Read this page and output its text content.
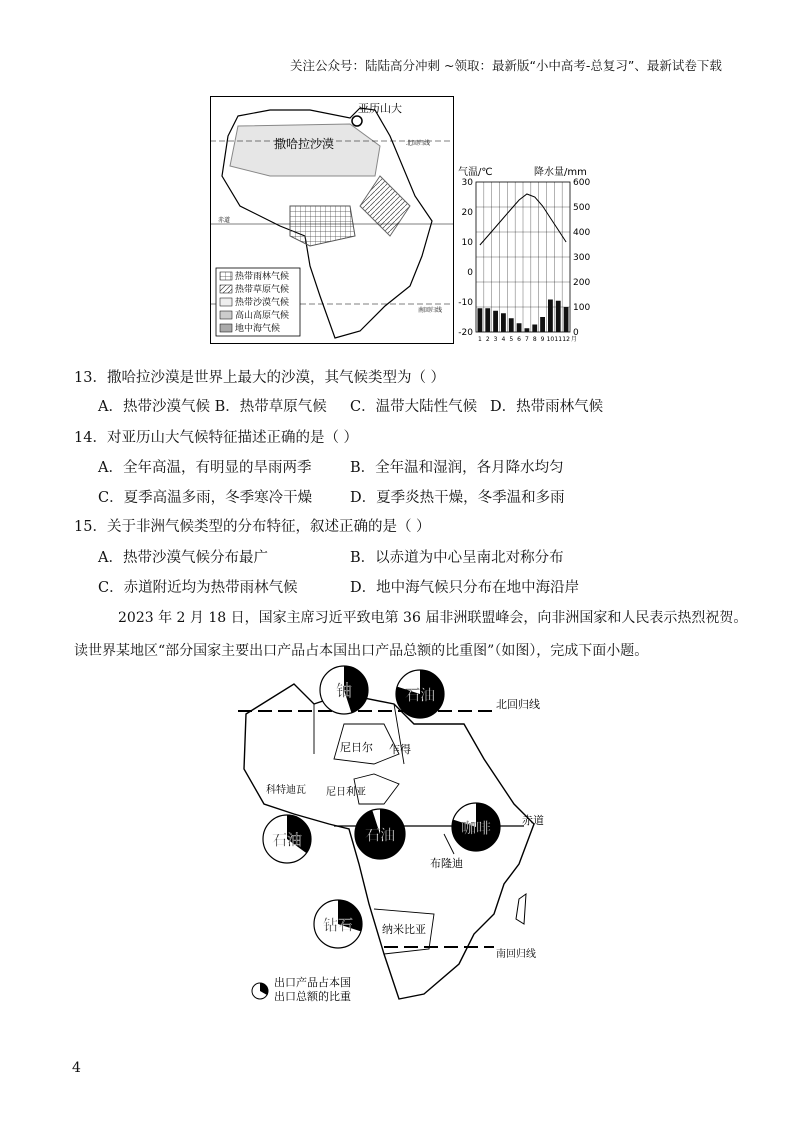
关注公众号：陆陆高分冲刺 ~领取：最新版“小中高考-总复习”、最新试卷下载
亚历山大
撒哈拉沙漠	北回归线
赤道
南回归线
热带雨林气候
热带草原气候
热带沙漠气候
高山高原气候
地中海气候
气温/℃	降水量/mm
30
20
10
0
-10
-20
600
500
400
300
200
100
0
1 2 3 4 5 6 7 8 9 10 11 12 月
13．撒哈拉沙漠是世界上最大的沙漠，其气候类型为（ ）
A．热带沙漠气候 B．热带草原气候 C．温带大陆性气候 D．热带雨林气候
14．对亚历山大气候特征描述正确的是（ ）
A．全年高温，有明显的旱雨两季	B．全年温和湿润，各月降水均匀
C．夏季高温多雨，冬季寒冷干燥	D．夏季炎热干燥，冬季温和多雨
15．关于非洲气候类型的分布特征，叙述正确的是（ ）
A．热带沙漠气候分布最广	B．以赤道为中心呈南北对称分布
C．赤道附近均为热带雨林气候	D．地中海气候只分布在地中海沿岸
2023 年 2 月 18 日，国家主席习近平致电第 36 届非洲联盟峰会，向非洲国家和人民表示热烈祝贺。
读世界某地区“部分国家主要出口产品占本国出口产品总额的比重图”（如图），完成下面小题。
北回归线
赤道
南回归线
尼日尔 乍得
科特迪瓦 尼日利亚
布隆迪
纳米比亚
铀	石油
石油	石油	咖啡
钻石
出口产品占本国
出口总额的比重
4
